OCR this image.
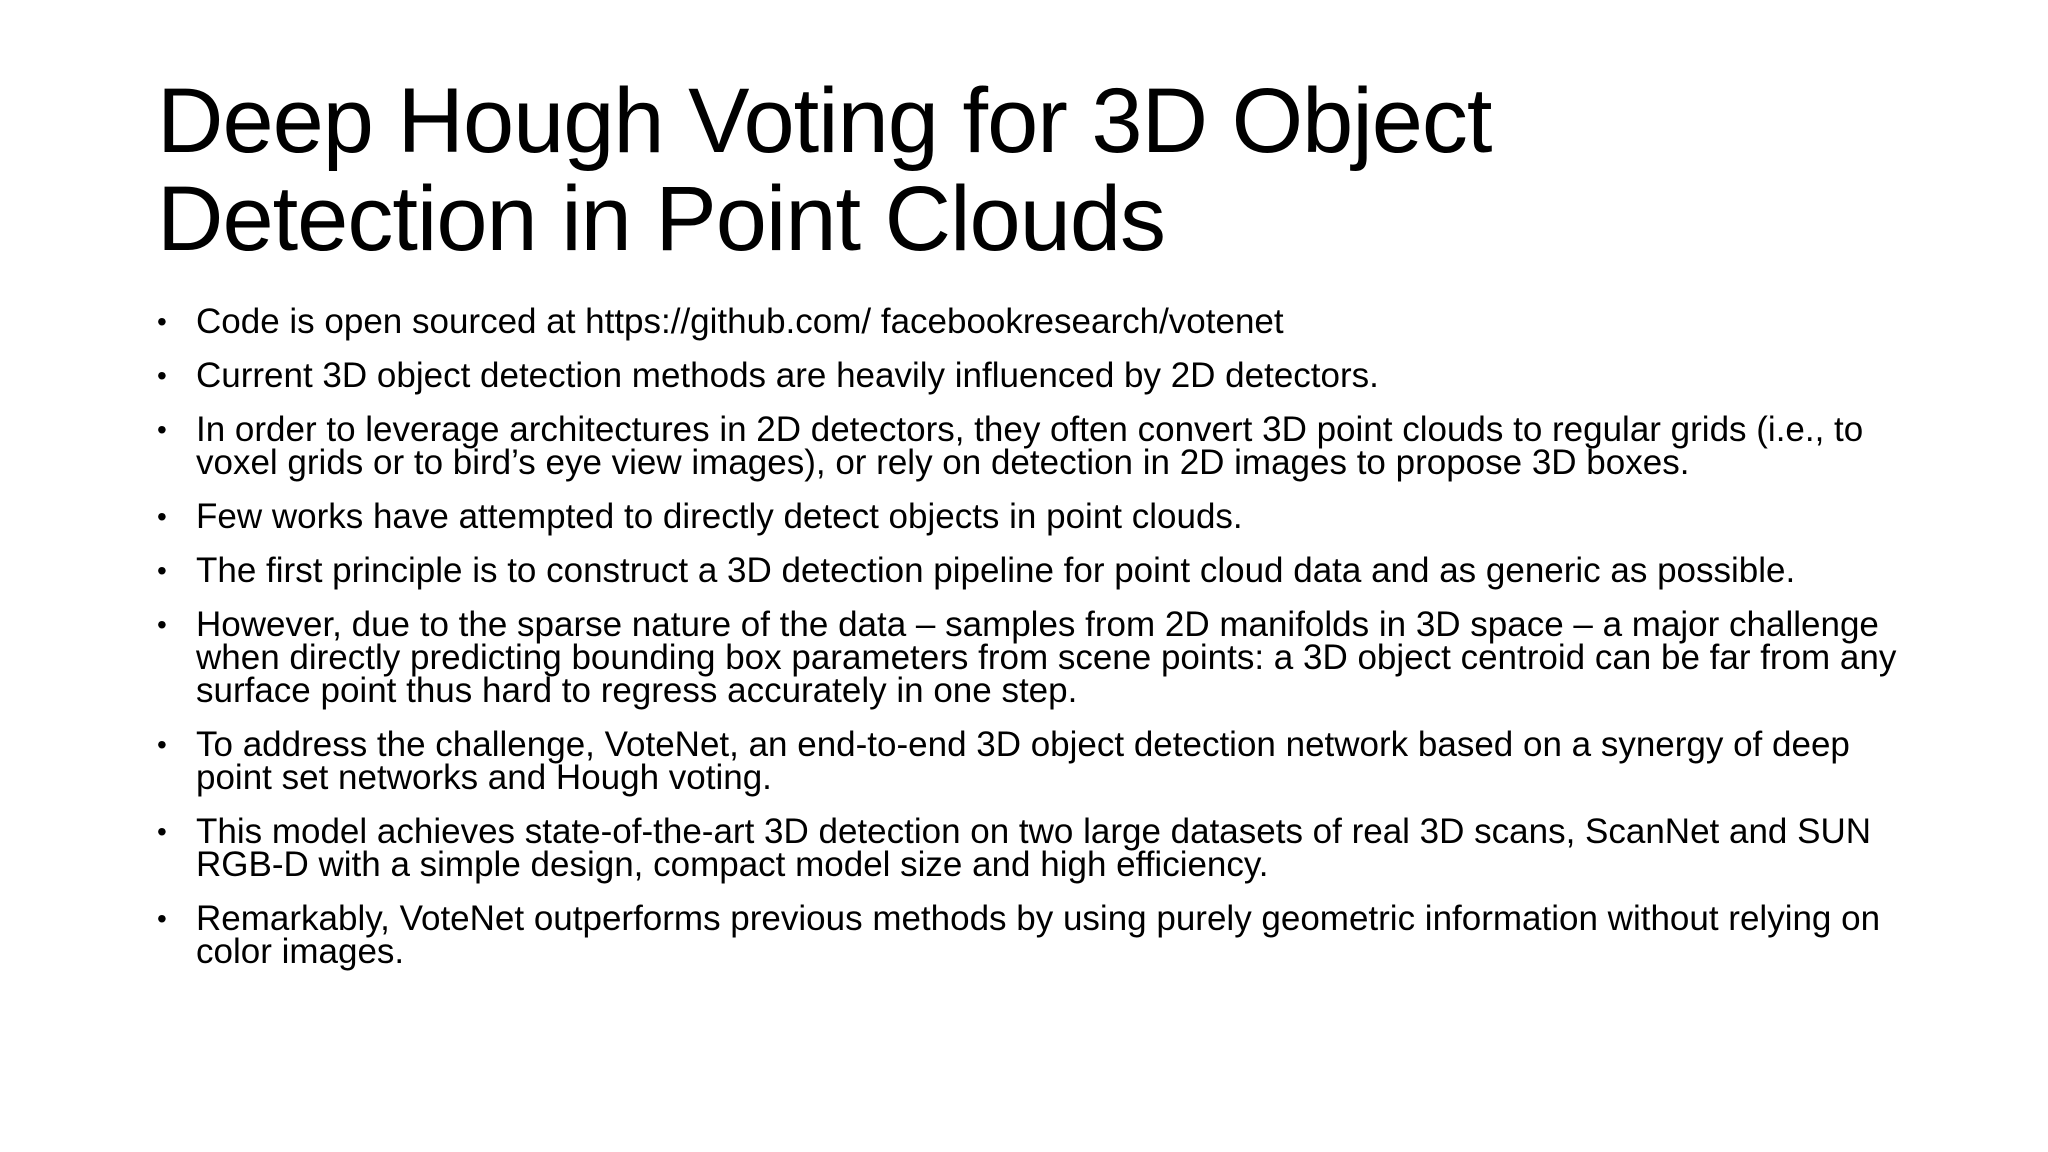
Deep Hough Voting for 3D Object Detection in Point Clouds
• Code is open sourced at https://github.com/ facebookresearch/votenet
• Current 3D object detection methods are heavily influenced by 2D detectors.
• In order to leverage architectures in 2D detectors, they often convert 3D point clouds to regular grids (i.e., to voxel grids or to bird’s eye view images), or rely on detection in 2D images to propose 3D boxes.
• Few works have attempted to directly detect objects in point clouds.
• The first principle is to construct a 3D detection pipeline for point cloud data and as generic as possible.
• However, due to the sparse nature of the data – samples from 2D manifolds in 3D space – a major challenge when directly predicting bounding box parameters from scene points: a 3D object centroid can be far from any surface point thus hard to regress accurately in one step.
• To address the challenge, VoteNet, an end-to-end 3D object detection network based on a synergy of deep point set networks and Hough voting.
• This model achieves state-of-the-art 3D detection on two large datasets of real 3D scans, ScanNet and SUN RGB-D with a simple design, compact model size and high efficiency.
• Remarkably, VoteNet outperforms previous methods by using purely geometric information without relying on color images.
